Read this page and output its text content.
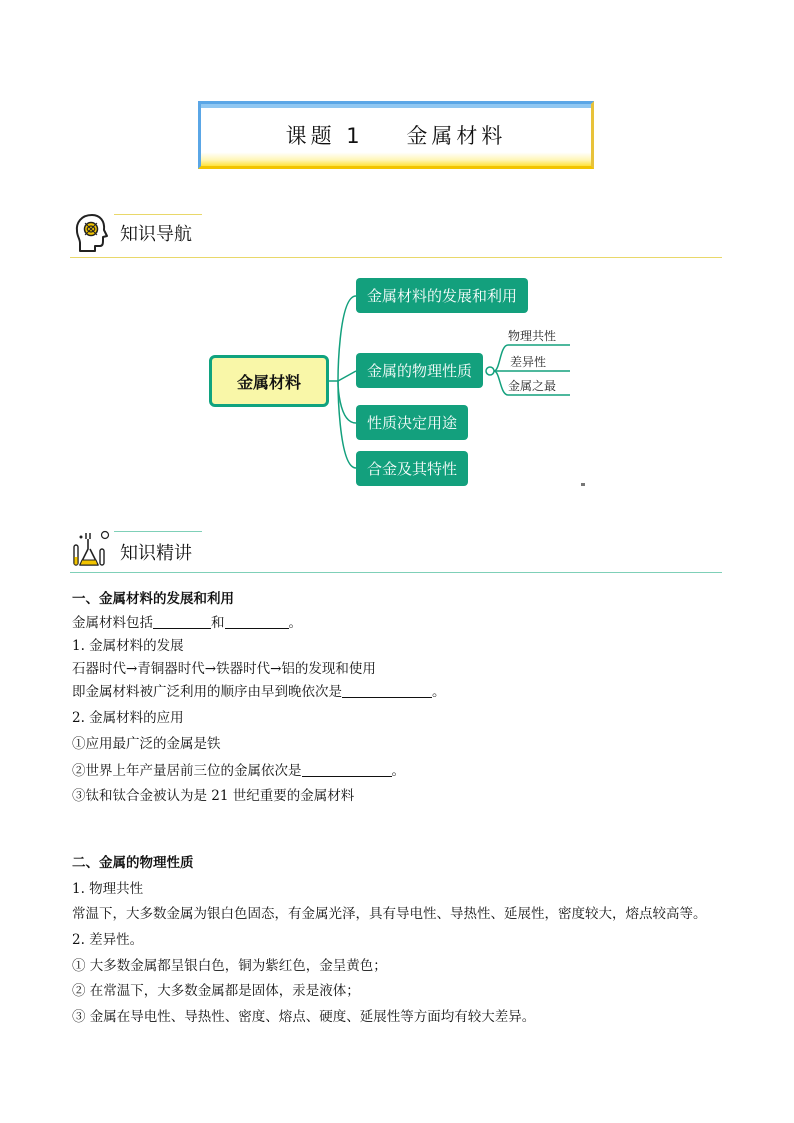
课题 1    金属材料
知识导航
金属材料
金属材料的发展和利用
金属的物理性质
性质决定用途
合金及其特性
物理共性
差异性
金属之最
知识精讲

一、金属材料的发展和利用

金属材料包括	和	。

1. 金属材料的发展

石器时代→青铜器时代→铁器时代→铝的发现和使用

即金属材料被广泛利用的顺序由早到晚依次是	。

2. 金属材料的应用

①应用最广泛的金属是铁

②世界上年产量居前三位的金属依次是	。

③钛和钛合金被认为是 21 世纪重要的金属材料

二、金属的物理性质

1. 物理共性

常温下，大多数金属为银白色固态，有金属光泽，具有导电性、导热性、延展性，密度较大，熔点较高等。

2. 差异性。

① 大多数金属都呈银白色，铜为紫红色，金呈黄色；

② 在常温下，大多数金属都是固体，汞是液体；

③ 金属在导电性、导热性、密度、熔点、硬度、延展性等方面均有较大差异。
